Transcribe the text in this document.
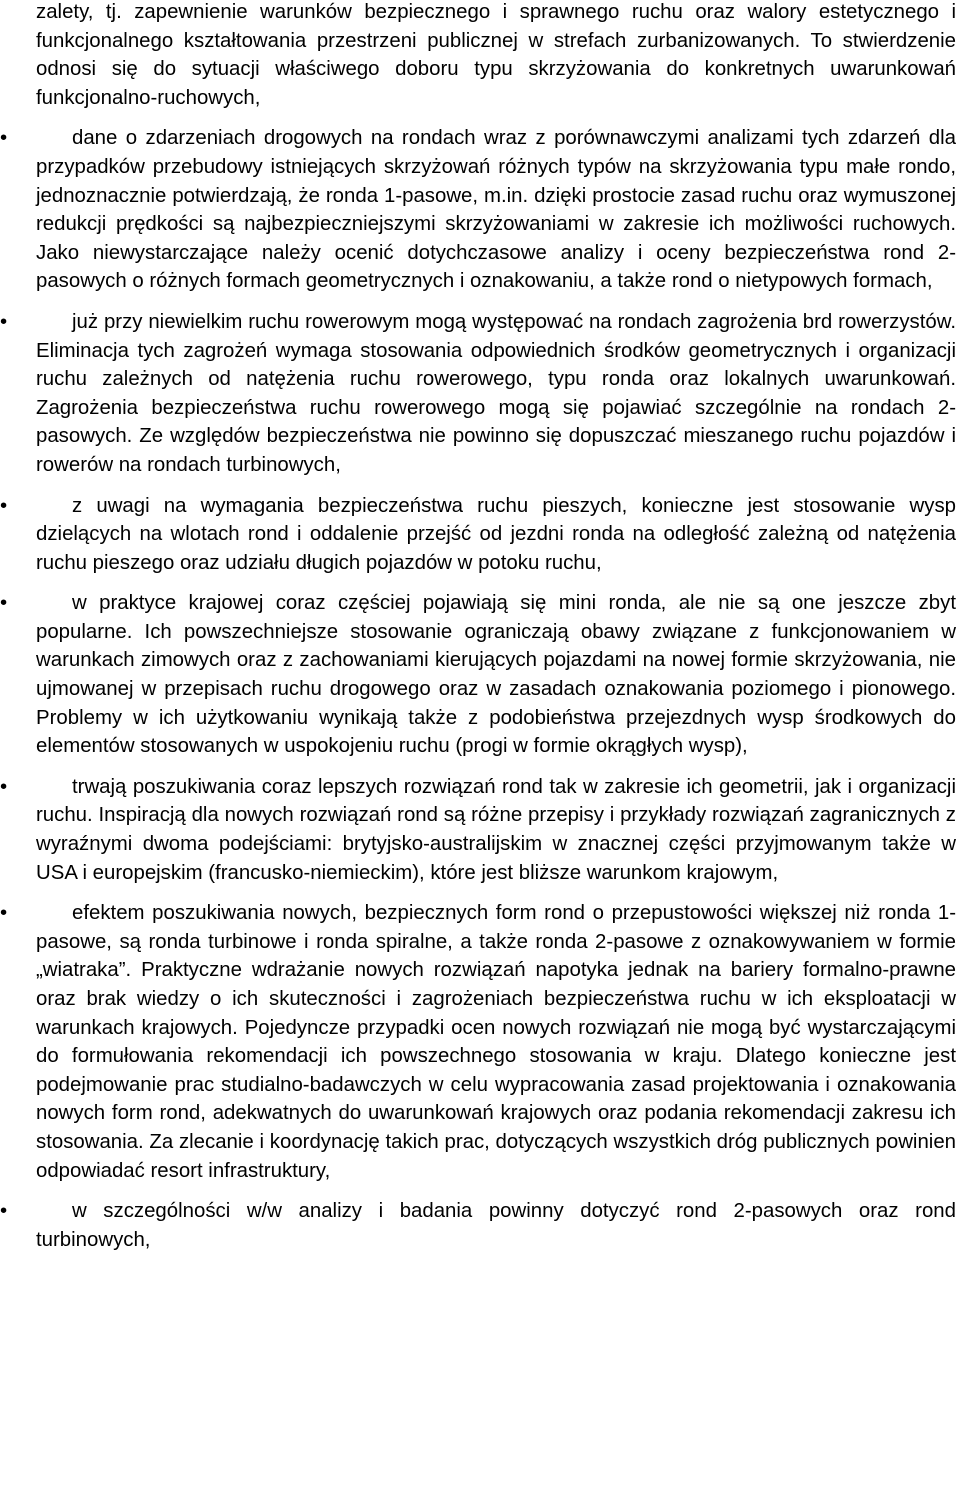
zalety, tj. zapewnienie warunków bezpiecznego i sprawnego ruchu oraz walory estetycznego i funkcjonalnego kształtowania przestrzeni publicznej w strefach zurbanizowanych. To stwierdzenie odnosi się do sytuacji właściwego doboru typu skrzyżowania do konkretnych uwarunkowań funkcjonalno-ruchowych,

•	dane o zdarzeniach drogowych na rondach wraz z porównawczymi analizami tych zdarzeń dla przypadków przebudowy istniejących skrzyżowań różnych typów na skrzyżowania typu małe rondo, jednoznacznie potwierdzają, że ronda 1-pasowe, m.in. dzięki prostocie zasad ruchu oraz wymuszonej redukcji prędkości są najbezpieczniejszymi skrzyżowaniami w zakresie ich możliwości ruchowych. Jako niewystarczające należy ocenić dotychczasowe analizy i oceny bezpieczeństwa rond 2-pasowych o różnych formach geometrycznych i oznakowaniu, a także rond o nietypowych formach,
•	już przy niewielkim ruchu rowerowym mogą występować na rondach zagrożenia brd rowerzystów. Eliminacja tych zagrożeń wymaga stosowania odpowiednich środków geometrycznych i organizacji ruchu zależnych od natężenia ruchu rowerowego, typu ronda oraz lokalnych uwarunkowań. Zagrożenia bezpieczeństwa ruchu rowerowego mogą się pojawiać szczególnie na rondach 2-pasowych. Ze względów bezpieczeństwa nie powinno się dopuszczać mieszanego ruchu pojazdów i rowerów na rondach turbinowych,
•	z uwagi na wymagania bezpieczeństwa ruchu pieszych, konieczne jest stosowanie wysp dzielących na wlotach rond i oddalenie przejść od jezdni ronda na odległość zależną od natężenia ruchu pieszego oraz udziału długich pojazdów w potoku ruchu,
•	w praktyce krajowej coraz częściej pojawiają się mini ronda, ale nie są one jeszcze zbyt popularne. Ich powszechniejsze stosowanie ograniczają obawy związane z funkcjonowaniem w warunkach zimowych oraz z zachowaniami kierujących pojazdami na nowej formie skrzyżowania, nie ujmowanej w przepisach ruchu drogowego oraz w zasadach oznakowania poziomego i pionowego. Problemy w ich użytkowaniu wynikają także z podobieństwa przejezdnych wysp środkowych do elementów stosowanych w uspokojeniu ruchu (progi w formie okrągłych wysp),
•	trwają poszukiwania coraz lepszych rozwiązań rond tak w zakresie ich geometrii, jak i organizacji ruchu. Inspiracją dla nowych rozwiązań rond są różne przepisy i przykłady rozwiązań zagranicznych z wyraźnymi dwoma podejściami: brytyjsko-australijskim w znacznej części przyjmowanym także w USA i europejskim (francusko-niemieckim), które jest bliższe warunkom krajowym,
•	efektem poszukiwania nowych, bezpiecznych form rond o przepustowości większej niż ronda 1-pasowe, są ronda turbinowe i ronda spiralne, a także ronda 2-pasowe z oznakowywaniem w formie „wiatraka”. Praktyczne wdrażanie nowych rozwiązań napotyka jednak na bariery formalno-prawne oraz brak wiedzy o ich skuteczności i zagrożeniach bezpieczeństwa ruchu w ich eksploatacji w warunkach krajowych. Pojedyncze przypadki ocen nowych rozwiązań nie mogą być wystarczającymi do formułowania rekomendacji ich powszechnego stosowania w kraju. Dlatego konieczne jest podejmowanie prac studialno-badawczych w celu wypracowania zasad projektowania i oznakowania nowych form rond, adekwatnych do uwarunkowań krajowych oraz podania rekomendacji zakresu ich stosowania. Za zlecanie i koordynację takich prac, dotyczących wszystkich dróg publicznych powinien odpowiadać resort infrastruktury,
•	w szczególności w/w analizy i badania powinny dotyczyć rond 2-pasowych oraz rond turbinowych,
